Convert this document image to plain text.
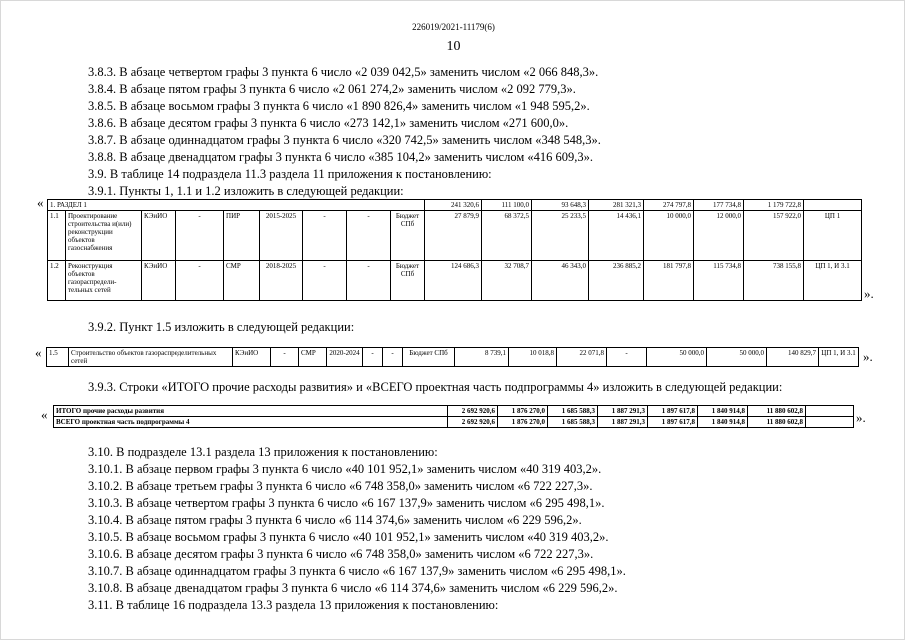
226019/2021-11179(6)
10
3.8.3. В абзаце четвертом графы 3 пункта 6 число «2 039 042,5» заменить числом «2 066 848,3».
3.8.4. В абзаце пятом графы 3 пункта 6 число «2 061 274,2» заменить числом «2 092 779,3».
3.8.5. В абзаце восьмом графы 3 пункта 6 число «1 890 826,4» заменить числом «1 948 595,2».
3.8.6. В абзаце десятом графы 3 пункта 6 число «273 142,1» заменить числом «271 600,0».
3.8.7. В абзаце одиннадцатом графы 3 пункта 6 число «320 742,5» заменить числом «348 548,3».
3.8.8. В абзаце двенадцатом графы 3 пункта 6 число «385 104,2» заменить числом «416 609,3».
3.9. В таблице 14 подраздела 11.3 раздела 11 приложения к постановлению:
3.9.1. Пункты 1, 1.1 и 1.2 изложить в следующей редакции:
« 1. РАЗДЕЛ 1									241 320,6	111 100,0	93 648,3	281 321,3	274 797,8	177 734,8	1 179 722,8	
1.1	Проектирование строительства и(или) реконструкции объектов газоснабжения	КЭиИО	-	ПИР	2015-2025	-	-	Бюджет СПб	27 879,9	68 372,5	25 233,5	14 436,1	10 000,0	12 000,0	157 922,0	ЦП 1
1.2	Реконструкция объектов газораспредели-тельных сетей	КЭиИО	-	СМР	2018-2025	-	-	Бюджет СПб	124 686,3	32 708,7	46 343,0	236 885,2	181 797,8	115 734,8	738 155,8	ЦП 1, И 3.1
».
3.9.2. Пункт 1.5 изложить в следующей редакции:
« 1.5	Строительство объектов газораспределительных сетей	КЭиИО	-	СМР	2020-2024	-	-	Бюджет СПб	8 739,1	10 018,8	22 071,8	-	50 000,0	50 000,0	140 829,7	ЦП 1, И 3.1 ».
3.9.3. Строки «ИТОГО прочие расходы развития» и «ВСЕГО проектная часть подпрограммы 4» изложить в следующей редакции:
« ИТОГО прочие расходы развития	2 692 920,6	1 876 270,0	1 685 588,3	1 887 291,3	1 897 617,8	1 840 914,8	11 880 602,8	
ВСЕГО проектная часть подпрограммы 4	2 692 920,6	1 876 270,0	1 685 588,3	1 887 291,3	1 897 617,8	1 840 914,8	11 880 602,8		».
3.10. В подразделе 13.1 раздела 13 приложения к постановлению:
3.10.1. В абзаце первом графы 3 пункта 6 число «40 101 952,1» заменить числом «40 319 403,2».
3.10.2. В абзаце третьем графы 3 пункта 6 число «6 748 358,0» заменить числом «6 722 227,3».
3.10.3. В абзаце четвертом графы 3 пункта 6 число «6 167 137,9» заменить числом «6 295 498,1».
3.10.4. В абзаце пятом графы 3 пункта 6 число «6 114 374,6» заменить числом «6 229 596,2».
3.10.5. В абзаце восьмом графы 3 пункта 6 число «40 101 952,1» заменить числом «40 319 403,2».
3.10.6. В абзаце десятом графы 3 пункта 6 число «6 748 358,0» заменить числом «6 722 227,3».
3.10.7. В абзаце одиннадцатом графы 3 пункта 6 число «6 167 137,9» заменить числом «6 295 498,1».
3.10.8. В абзаце двенадцатом графы 3 пункта 6 число «6 114 374,6» заменить числом «6 229 596,2».
3.11. В таблице 16 подраздела 13.3 раздела 13 приложения к постановлению:
